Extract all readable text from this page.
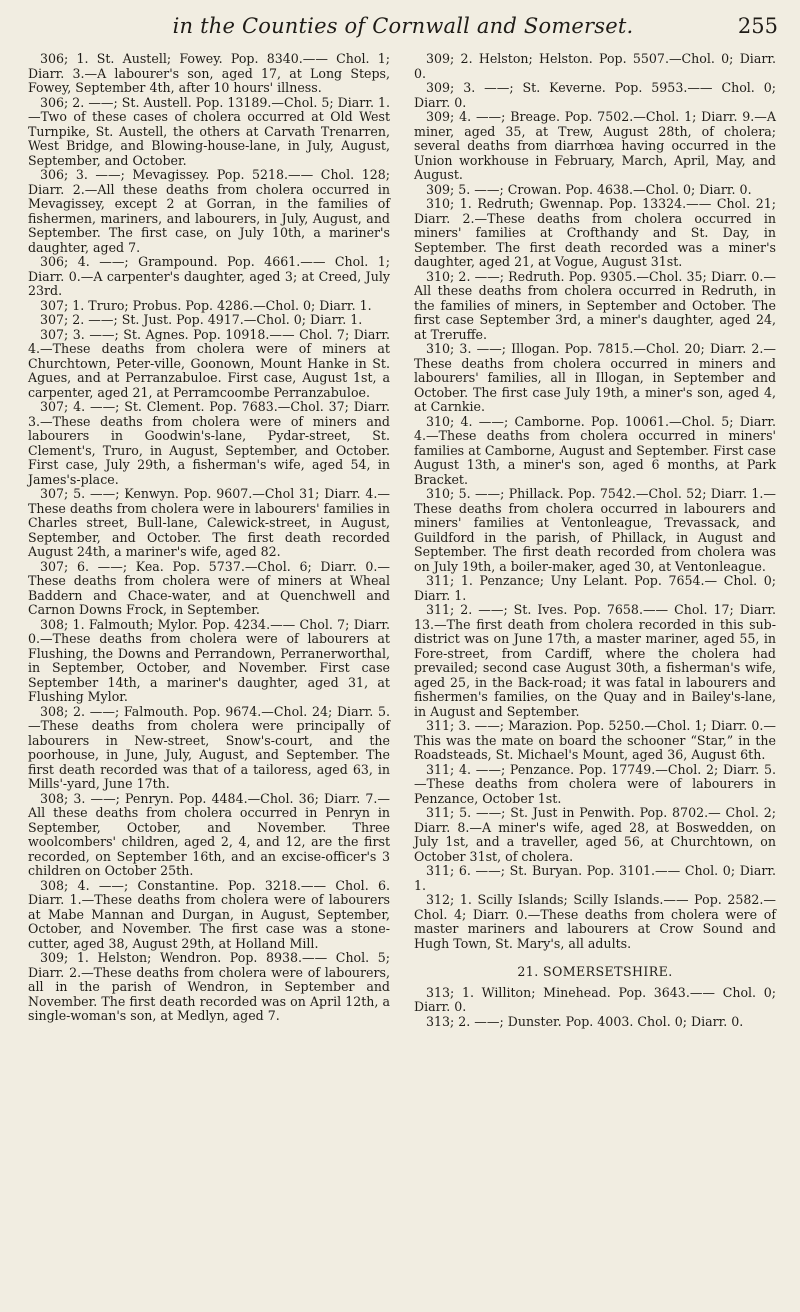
in the Counties of Cornwall and Somerset.	255

306; 1. St. Austell; Fowey. Pop. 8340.—— Chol. 1; Diarr. 3.—A labourer's son, aged 17, at Long Steps, Fowey, September 4th, after 10 hours' illness.

306; 2. ——; St. Austell. Pop. 13189.—Chol. 5; Diarr. 1.—Two of these cases of cholera occurred at Old West Turnpike, St. Austell, the others at Carvath Trenarren, West Bridge, and Blowing-house-lane, in July, August, September, and October.

306; 3. ——; Mevagissey. Pop. 5218.—— Chol. 128; Diarr. 2.—All these deaths from cholera occurred in Mevagissey, except 2 at Gorran, in the families of fishermen, mariners, and labourers, in July, August, and September. The first case, on July 10th, a mariner's daughter, aged 7.

306; 4. ——; Grampound. Pop. 4661.—— Chol. 1; Diarr. 0.—A carpenter's daughter, aged 3; at Creed, July 23rd.

307; 1. Truro; Probus. Pop. 4286.—Chol. 0; Diarr. 1.

307; 2. ——; St. Just. Pop. 4917.—Chol. 0; Diarr. 1.

307; 3. ——; St. Agnes. Pop. 10918.—— Chol. 7; Diarr. 4.—These deaths from cholera were of miners at Churchtown, Peter-ville, Goonown, Mount Hanke in St. Agues, and at Perranzabuloe. First case, August 1st, a carpenter, aged 21, at Perramcoombe Perranzabuloe.

307; 4. ——; St. Clement. Pop. 7683.—Chol. 37; Diarr. 3.—These deaths from cholera were of miners and labourers in Goodwin's-lane, Pydar-street, St. Clement's, Truro, in August, September, and October. First case, July 29th, a fisherman's wife, aged 54, in James's-place.

307; 5. ——; Kenwyn. Pop. 9607.—Chol 31; Diarr. 4.—These deaths from cholera were in labourers' families in Charles street, Bull-lane, Calewick-street, in August, September, and October. The first death recorded August 24th, a mariner's wife, aged 82.

307; 6. ——; Kea. Pop. 5737.—Chol. 6; Diarr. 0.—These deaths from cholera were of miners at Wheal Baddern and Chace-water, and at Quenchwell and Carnon Downs Frock, in September.

308; 1. Falmouth; Mylor. Pop. 4234.—— Chol. 7; Diarr. 0.—These deaths from cholera were of labourers at Flushing, the Downs and Perrandown, Perranerworthal, in September, October, and November. First case September 14th, a mariner's daughter, aged 31, at Flushing Mylor.

308; 2. ——; Falmouth. Pop. 9674.—Chol. 24; Diarr. 5.—These deaths from cholera were principally of labourers in New-street, Snow's-court, and the poorhouse, in June, July, August, and September. The first death recorded was that of a tailoress, aged 63, in Mills'-yard, June 17th.

308; 3. ——; Penryn. Pop. 4484.—Chol. 36; Diarr. 7.—All these deaths from cholera occurred in Penryn in September, October, and November. Three woolcombers' children, aged 2, 4, and 12, are the first recorded, on September 16th, and an excise-officer's 3 children on October 25th.

308; 4. ——; Constantine. Pop. 3218.—— Chol. 6. Diarr. 1.—These deaths from cholera were of labourers at Mabe Mannan and Durgan, in August, September, October, and November. The first case was a stone-cutter, aged 38, August 29th, at Holland Mill.

309; 1. Helston; Wendron. Pop. 8938.—— Chol. 5; Diarr. 2.—These deaths from cholera were of labourers, all in the parish of Wendron, in September and November. The first death recorded was on April 12th, a single-woman's son, at Medlyn, aged 7.

309; 2. Helston; Helston. Pop. 5507.—Chol. 0; Diarr. 0.

309; 3. ——; St. Keverne. Pop. 5953.—— Chol. 0; Diarr. 0.

309; 4. ——; Breage. Pop. 7502.—Chol. 1; Diarr. 9.—A miner, aged 35, at Trew, August 28th, of cholera; several deaths from diarrhœa having occurred in the Union workhouse in February, March, April, May, and August.

309; 5. ——; Crowan. Pop. 4638.—Chol. 0; Diarr. 0.

310; 1. Redruth; Gwennap. Pop. 13324.—— Chol. 21; Diarr. 2.—These deaths from cholera occurred in miners' families at Crofthandy and St. Day, in September. The first death recorded was a miner's daughter, aged 21, at Vogue, August 31st.

310; 2. ——; Redruth. Pop. 9305.—Chol. 35; Diarr. 0.—All these deaths from cholera occurred in Redruth, in the families of miners, in September and October. The first case September 3rd, a miner's daughter, aged 24, at Treruffe.

310; 3. ——; Illogan. Pop. 7815.—Chol. 20; Diarr. 2.—These deaths from cholera occurred in miners and labourers' families, all in Illogan, in September and October. The first case July 19th, a miner's son, aged 4, at Carnkie.

310; 4. ——; Camborne. Pop. 10061.—Chol. 5; Diarr. 4.—These deaths from cholera occurred in miners' families at Camborne, August and September. First case August 13th, a miner's son, aged 6 months, at Park Bracket.

310; 5. ——; Phillack. Pop. 7542.—Chol. 52; Diarr. 1.—These deaths from cholera occurred in labourers and miners' families at Ventonleague, Trevassack, and Guildford in the parish, of Phillack, in August and September. The first death recorded from cholera was on July 19th, a boiler-maker, aged 30, at Ventonleague.

311; 1. Penzance; Uny Lelant. Pop. 7654.— Chol. 0; Diarr. 1.

311; 2. ——; St. Ives. Pop. 7658.—— Chol. 17; Diarr. 13.—The first death from cholera recorded in this sub-district was on June 17th, a master mariner, aged 55, in Fore-street, from Cardiff, where the cholera had prevailed; second case August 30th, a fisherman's wife, aged 25, in the Back-road; it was fatal in labourers and fishermen's families, on the Quay and in Bailey's-lane, in August and September.

311; 3. ——; Marazion. Pop. 5250.—Chol. 1; Diarr. 0.—This was the mate on board the schooner “Star,” in the Roadsteads, St. Michael's Mount, aged 36, August 6th.

311; 4. ——; Penzance. Pop. 17749.—Chol. 2; Diarr. 5.—These deaths from cholera were of labourers in Penzance, October 1st.

311; 5. ——; St. Just in Penwith. Pop. 8702.— Chol. 2; Diarr. 8.—A miner's wife, aged 28, at Boswedden, on July 1st, and a traveller, aged 56, at Churchtown, on October 31st, of cholera.

311; 6. ——; St. Buryan. Pop. 3101.—— Chol. 0; Diarr. 1.

312; 1. Scilly Islands; Scilly Islands.—— Pop. 2582.—Chol. 4; Diarr. 0.—These deaths from cholera were of master mariners and labourers at Crow Sound and Hugh Town, St. Mary's, all adults.

21. SOMERSETSHIRE.

313; 1. Williton; Minehead. Pop. 3643.—— Chol. 0; Diarr. 0.

313; 2. ——; Dunster. Pop. 4003. Chol. 0; Diarr. 0.
